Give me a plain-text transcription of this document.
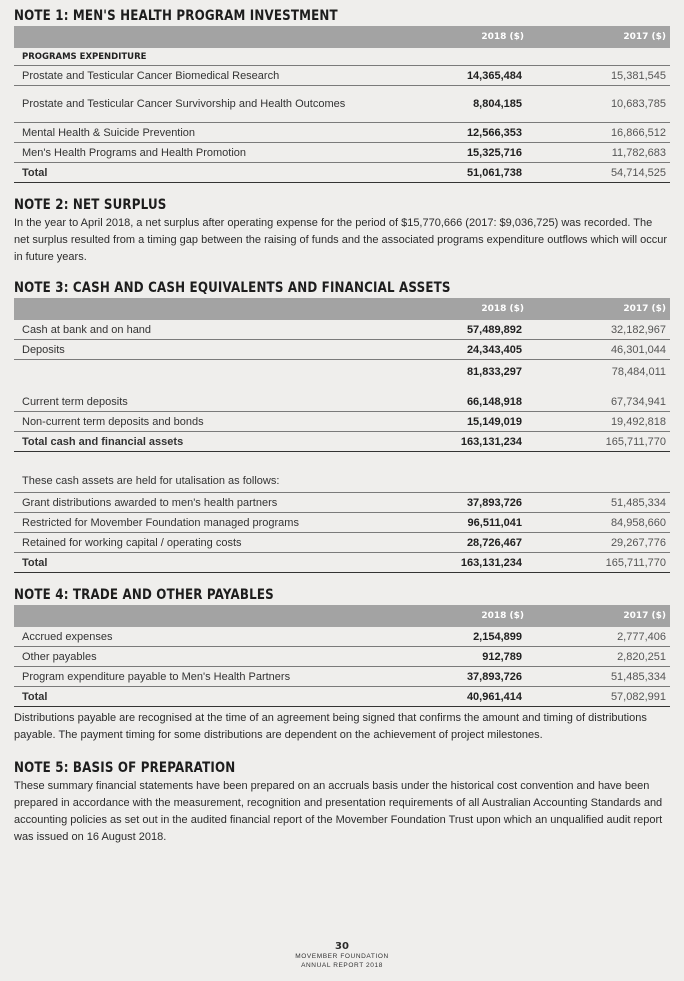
NOTE 1: MEN'S HEALTH PROGRAM INVESTMENT
	2018 ($)	2017 ($)
PROGRAMS EXPENDITURE		
Prostate and Testicular Cancer Biomedical Research	14,365,484	15,381,545
Prostate and Testicular Cancer Survivorship and Health Outcomes	8,804,185	10,683,785
Mental Health & Suicide Prevention	12,566,353	16,866,512
Men's Health Programs and Health Promotion	15,325,716	11,782,683
Total	51,061,738	54,714,525
NOTE 2: NET SURPLUS

In the year to April 2018, a net surplus after operating expense for the period of $15,770,666 (2017: $9,036,725) was recorded. The net surplus resulted from a timing gap between the raising of funds and the associated programs expenditure outflows which will occur in future years.

NOTE 3: CASH AND CASH EQUIVALENTS AND FINANCIAL ASSETS
	2018 ($)	2017 ($)
Cash at bank and on hand	57,489,892	32,182,967
Deposits	24,343,405	46,301,044
	81,833,297	78,484,011

Current term deposits	66,148,918	67,734,941
Non-current term deposits and bonds	15,149,019	19,492,818
Total cash and financial assets	163,131,234	165,711,770

These cash assets are held for utalisation as follows:		
Grant distributions awarded to men's health partners	37,893,726	51,485,334
Restricted for Movember Foundation managed programs	96,511,041	84,958,660
Retained for working capital / operating costs	28,726,467	29,267,776
Total	163,131,234	165,711,770
NOTE 4: TRADE AND OTHER PAYABLES
	2018 ($)	2017 ($)
Accrued expenses	2,154,899	2,777,406
Other payables	912,789	2,820,251
Program expenditure payable to Men's Health Partners	37,893,726	51,485,334
Total	40,961,414	57,082,991

Distributions payable are recognised at the time of an agreement being signed that confirms the amount and timing of distributions payable. The payment timing for some distributions are dependent on the achievement of project milestones.

NOTE 5: BASIS OF PREPARATION

These summary financial statements have been prepared on an accruals basis under the historical cost convention and have been prepared in accordance with the measurement, recognition and presentation requirements of all Australian Accounting Standards and accounting policies as set out in the audited financial report of the Movember Foundation Trust upon which an unqualified audit report was issued on 16 August 2018.

30
MOVEMBER FOUNDATION
ANNUAL REPORT 2018
